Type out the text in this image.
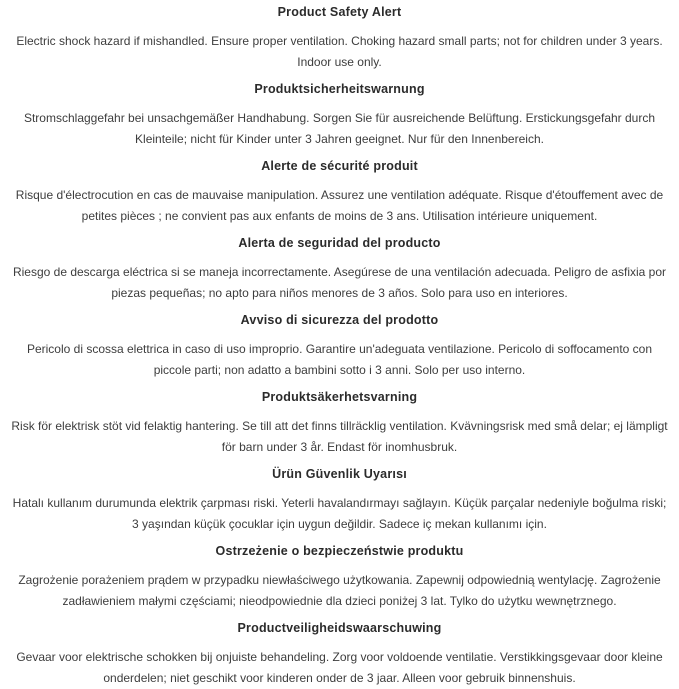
Product Safety Alert

Electric shock hazard if mishandled. Ensure proper ventilation. Choking hazard small parts; not for children under 3 years. Indoor use only.

Produktsicherheitswarnung

Stromschlaggefahr bei unsachgemäßer Handhabung. Sorgen Sie für ausreichende Belüftung. Erstickungsgefahr durch Kleinteile; nicht für Kinder unter 3 Jahren geeignet. Nur für den Innenbereich.

Alerte de sécurité produit

Risque d'électrocution en cas de mauvaise manipulation. Assurez une ventilation adéquate. Risque d'étouffement avec de petites pièces ; ne convient pas aux enfants de moins de 3 ans. Utilisation intérieure uniquement.

Alerta de seguridad del producto

Riesgo de descarga eléctrica si se maneja incorrectamente. Asegúrese de una ventilación adecuada. Peligro de asfixia por piezas pequeñas; no apto para niños menores de 3 años. Solo para uso en interiores.

Avviso di sicurezza del prodotto

Pericolo di scossa elettrica in caso di uso improprio. Garantire un'adeguata ventilazione. Pericolo di soffocamento con piccole parti; non adatto a bambini sotto i 3 anni. Solo per uso interno.

Produktsäkerhetsvarning

Risk för elektrisk stöt vid felaktig hantering. Se till att det finns tillräcklig ventilation. Kvävningsrisk med små delar; ej lämpligt för barn under 3 år. Endast för inomhusbruk.

Ürün Güvenlik Uyarısı

Hatalı kullanım durumunda elektrik çarpması riski. Yeterli havalandırmayı sağlayın. Küçük parçalar nedeniyle boğulma riski; 3 yaşından küçük çocuklar için uygun değildir. Sadece iç mekan kullanımı için.

Ostrzeżenie o bezpieczeństwie produktu

Zagrożenie porażeniem prądem w przypadku niewłaściwego użytkowania. Zapewnij odpowiednią wentylację. Zagrożenie zadławieniem małymi częściami; nieodpowiednie dla dzieci poniżej 3 lat. Tylko do użytku wewnętrznego.

Productveiligheidswaarschuwing

Gevaar voor elektrische schokken bij onjuiste behandeling. Zorg voor voldoende ventilatie. Verstikkingsgevaar door kleine onderdelen; niet geschikt voor kinderen onder de 3 jaar. Alleen voor gebruik binnenshuis.
